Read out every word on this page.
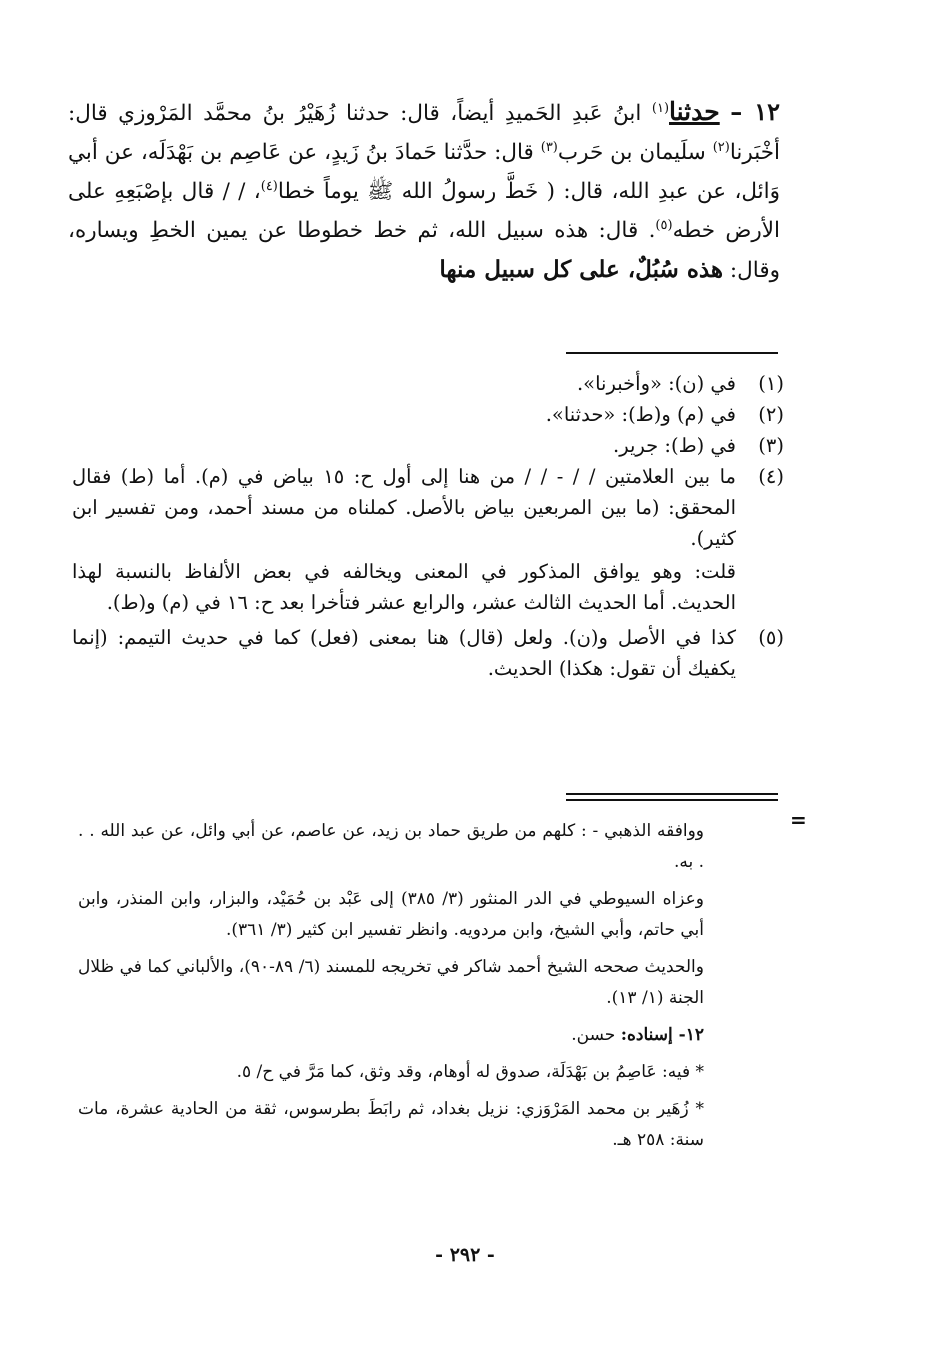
١٢ – حدثنا$^{(١)}$ ابنُ عَبدِ الحَميدِ أيضاً، قال: حدثنا زُهَيْرُ بنُ محمَّد المَرْوزي قال: أخْبَرنا$^{(٢)}$ سلَيمان بن حَرب$^{(٣)}$ قال: حدَّثنا حَمادَ بنُ زَيدٍ، عن عَاصِم بن بَهْدَلَه، عن أبي وَائل، عن عبدِ الله، قال: ( خَطَّ رسولُ الله ﷺ يوماً خطا$^{(٤)}$، / / قال بإصْبَعِهِ على الأرض خطه$^{(٥)}$. قال: هذه سبيل الله، ثم خط خطوطا عن يمين الخطِ ويساره، وقال: هذه سُبُلٌ، على كل سبيل منها
(١)
في (ن): «وأخبرنا».
(٢)
في (م) و(ط): «حدثنا».
(٣)
في (ط): جرير.
(٤)
ما بين العلامتين / / - / / من هنا إلى أول ح: ١٥ بياض في (م). أما (ط) فقال المحقق: (ما بين المربعين بياض بالأصل. كملناه من مسند أحمد، ومن تفسير ابن كثير).
قلت: وهو يوافق المذكور في المعنى ويخالفه في بعض الألفاظ بالنسبة لهذا الحديث. أما الحديث الثالث عشر، والرابع عشر فتأخرا بعد ح: ١٦ في (م) و(ط).
(٥)
كذا في الأصل و(ن). ولعل (قال) هنا بمعنى (فعل) كما في حديث التيمم: (إنما يكفيك أن تقول: هكذا) الحديث.
=

ووافقه الذهبي - : كلهم من طريق حماد بن زيد، عن عاصم، عن أبي وائل، عن عبد الله . . . به.

وعزاه السيوطي في الدر المنثور (٣/ ٣٨٥) إلى عَبْد بن حُمَيْد، والبزار، وابن المنذر، وابن أبي حاتم، وأبي الشيخ، وابن مردويه. وانظر تفسير ابن كثير (٣/ ٣٦١).

والحديث صححه الشيخ أحمد شاكر في تخريجه للمسند (٦/ ٨٩-٩٠)، والألباني كما في ظلال الجنة (١/ ١٣).

١٢- إسناده: حسن.

* فيه: عَاصِمُ بن بَهْدَلَة، صدوق له أوهام، وقد وثق، كما مَرَّ في ح/ ٥.

* زُهَير بن محمد المَرْوَزي: نزيل بغداد، ثم رابَطَ بطرسوس، ثقة من الحادية عشرة، مات سنة: ٢٥٨ هـ.

- ٢٩٢ -
